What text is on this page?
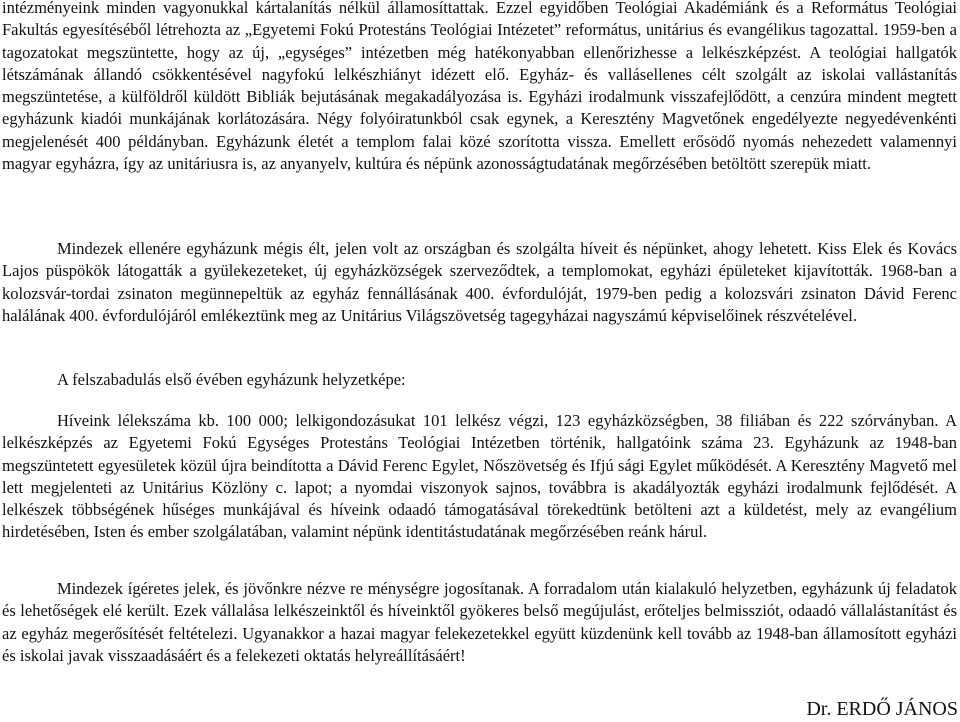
intézményeink minden vagyonukkal kártalanítás nélkül államosíttattak. Ezzel egyidőben Teológiai Akadémiánk és a Református Teológiai Fakultás egyesítéséből létrehozta az „Egyetemi Fokú Protestáns Teológiai Intézetet” református, unitárius és evangélikus tagozattal. 1959-ben a tagozatokat megszüntette, hogy az új, „egységes” intézetben még hatékonyabban ellenőrizhesse a lelkészképzést. A teológiai hallgatók létszámának állandó csökkentésével nagyfokú lelkészhiányt idézett elő. Egyház- és vallásellenes célt szolgált az iskolai vallástanítás megszüntetése, a külföldről küldött Bibliák bejutásának megakadályozása is. Egyházi irodalmunk visszafejlődött, a cenzúra mindent megtett egyházunk kiadói munkájának korlátozására. Négy folyóiratunkból csak egynek, a Keresztény Magvetőnek engedélyezte negyedévenkénti megjelenését 400 példányban. Egyházunk életét a templom falai közé szorította vissza. Emellett erősödő nyomás nehezedett valamennyi magyar egyházra, így az unitáriusra is, az anyanyelv, kultúra és népünk azonosságtudatának megőrzésében betöltött szerepük miatt.

Mindezek ellenére egyházunk mégis élt, jelen volt az országban és szolgálta híveit és népünket, ahogy lehetett. Kiss Elek és Kovács Lajos püspökök látogatták a gyülekezeteket, új egyházközségek szerveződtek, a templomokat, egyházi épületeket kijavították. 1968-ban a kolozsvár-tordai zsinaton megünnepeltük az egyház fennállásának 400. évfordulóját, 1979-ben pedig a kolozsvári zsinaton Dávid Ferenc halálának 400. évfordulójáról emlékeztünk meg az Unitárius Világszövetség tagegyházai nagyszámú képviselőinek részvételével.

A felszabadulás első évében egyházunk helyzetképe:

Híveink lélekszáma kb. 100 000; lelkigondozásukat 101 lelkész végzi, 123 egyházközségben, 38 filiában és 222 szórványban. A lelkészképzés az Egyetemi Fokú Egységes Protestáns Teológiai Intézetben történik, hallgatóink száma 23. Egyházunk az 1948-ban megszüntetett egyesületek közül újra beindította a Dávid Ferenc Egylet, Nőszövetség és Ifjú sági Egylet működését. A Keresztény Magvető mel lett megjelenteti az Unitárius Közlöny c. lapot; a nyomdai viszonyok sajnos, továbbra is akadályozták egyházi irodalmunk fejlődését. A lelkészek többségének hűséges munkájával és híveink odaadó támogatásával törekedtünk betölteni azt a küldetést, mely az evangélium hirdetésében, Isten és ember szolgálatában, valamint népünk identitástudatának megőrzésében reánk hárul.

Mindezek ígéretes jelek, és jövőnkre nézve re ménységre jogosítanak. A forradalom után kialakuló helyzetben, egyházunk új feladatok és lehetőségek elé került. Ezek vállalása lelkészeinktől és híveinktől gyökeres belső megújulást, erőteljes belmissziót, odaadó vállalástanítást és az egyház megerősítését feltételezi. Ugyanakkor a hazai magyar felekezetekkel együtt küzdenünk kell tovább az 1948-ban államosított egyházi és iskolai javak visszaadásáért és a felekezeti oktatás helyreállításáért!

Dr. ERDŐ JÁNOS
